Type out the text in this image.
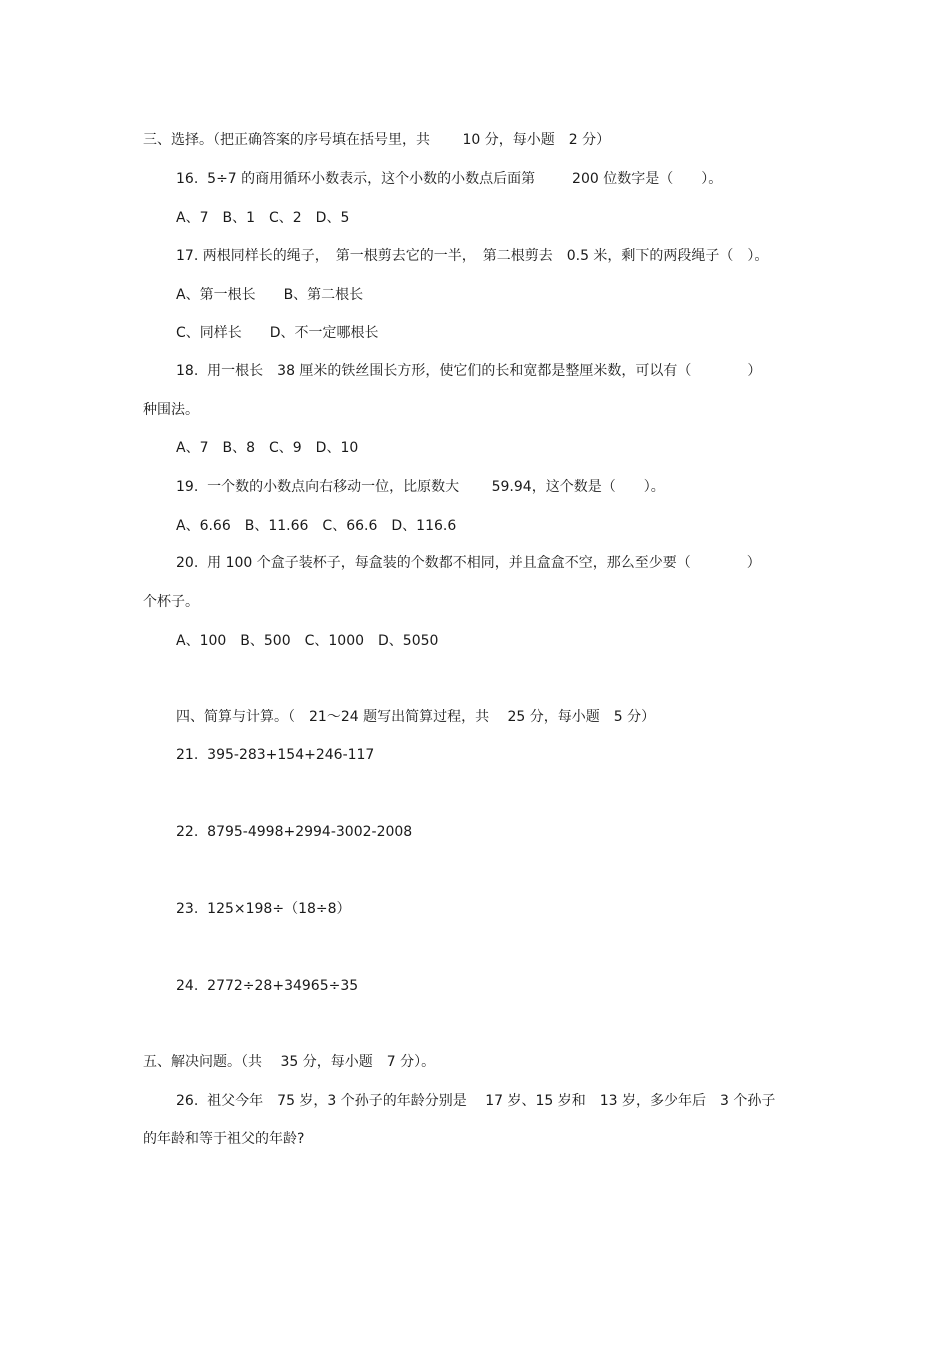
三、选择。（把正确答案的序号填在括号里，共　　 10 分，每小题　2 分）
16.  5÷7 的商用循环小数表示，这个小数的小数点后面第　　  200 位数字是（　　）。
A、7　B、1　C、2　D、5
17. 两根同样长的绳子，　第一根剪去它的一半，　第二根剪去　0.5 米，剩下的两段绳子（　）。
A、第一根长　　B、第二根长
C、同样长　　D、不一定哪根长
18.  用一根长　38 厘米的铁丝围长方形，使它们的长和宽都是整厘米数，可以有（　　　　）
种围法。
A、7　B、8　C、9　D、10
19.  一个数的小数点向右移动一位，比原数大　　 59.94，这个数是（　　）。
A、6.66　B、11.66　C、66.6　D、116.6
20.  用 100 个盒子装杯子，每盒装的个数都不相同，并且盒盒不空，那么至少要（　　　　）
个杯子。
A、100　B、500　C、1000　D、5050
四、简算与计算。（　21～24 题写出简算过程，共　 25 分，每小题　5 分）
21.  395-283+154+246-117
22.  8795-4998+2994-3002-2008
23.  125×198÷（18÷8）
24.  2772÷28+34965÷35
五、解决问题。（共　 35 分，每小题　7 分）。
26.  祖父今年　75 岁，3 个孙子的年龄分别是　 17 岁、15 岁和　13 岁，多少年后　3 个孙子
的年龄和等于祖父的年龄?
